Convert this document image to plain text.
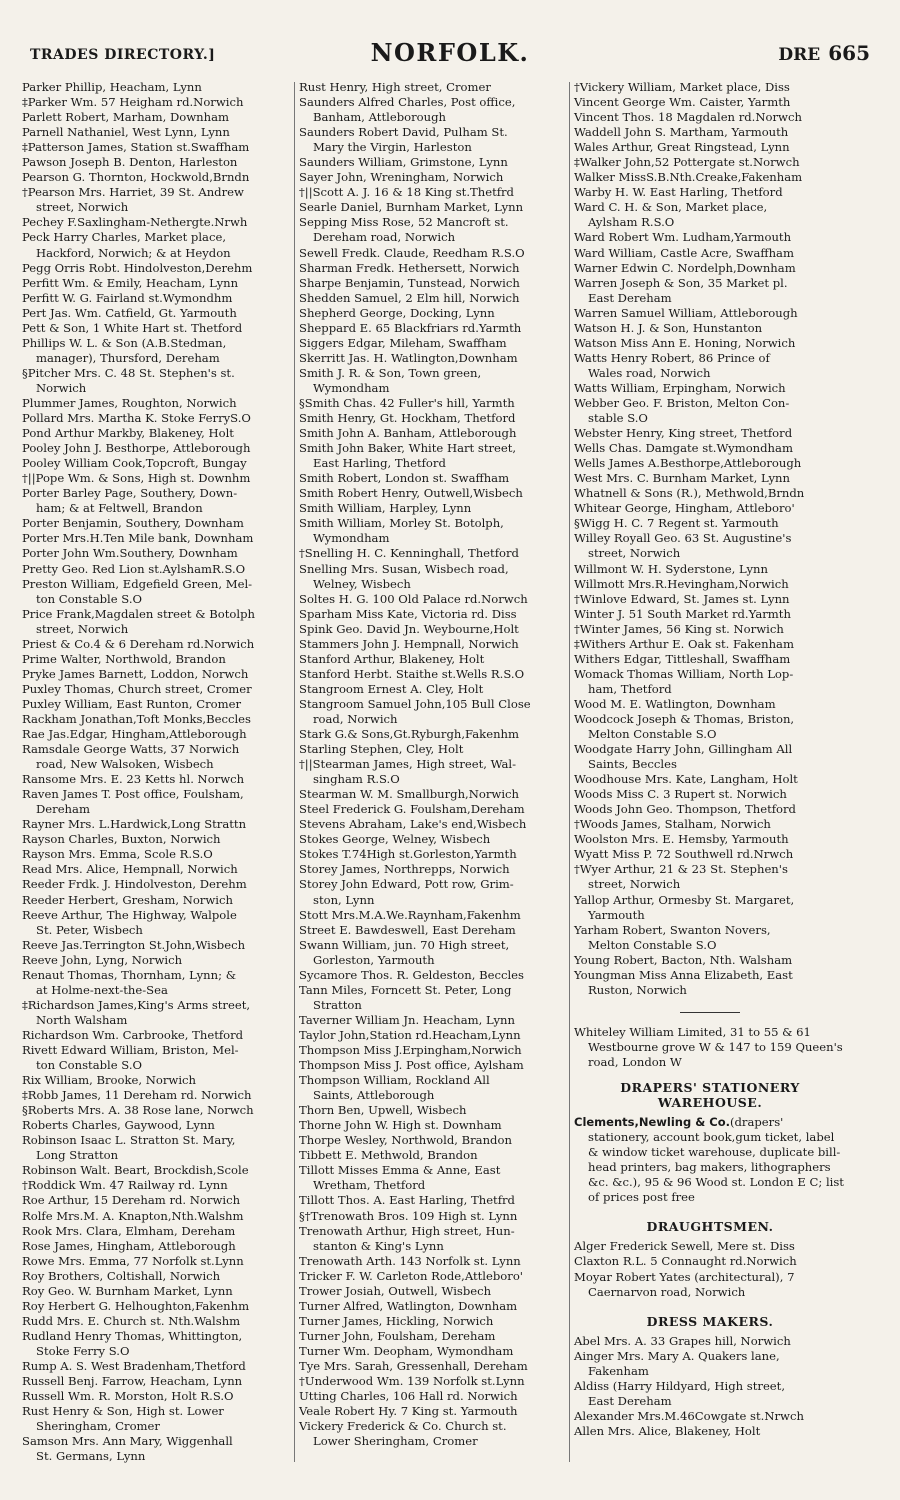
TRADES DIRECTORY.]	NORFOLK.	DRE 665
Parker Phillip, Heacham, Lynn
‡Parker Wm. 57 Heigham rd.Norwich
Parlett Robert, Marham, Downham
Parnell Nathaniel, West Lynn, Lynn
‡Patterson James, Station st.Swaffham
Pawson Joseph B. Denton, Harleston
Pearson G. Thornton, Hockwold,Brndn
†Pearson Mrs. Harriet, 39 St. Andrew
street, Norwich
Pechey F.Saxlingham-Nethergte.Nrwh
Peck Harry Charles, Market place,
Hackford, Norwich; & at Heydon
Pegg Orris Robt. Hindolveston,Derehm
Perfitt Wm. & Emily, Heacham, Lynn
Perfitt W. G. Fairland st.Wymondhm
Pert Jas. Wm. Catfield, Gt. Yarmouth
Pett & Son, 1 White Hart st. Thetford
Phillips W. L. & Son (A.B.Stedman,
manager), Thursford, Dereham
§Pitcher Mrs. C. 48 St. Stephen's st.
Norwich
Plummer James, Roughton, Norwich
Pollard Mrs. Martha K. Stoke FerryS.O
Pond Arthur Markby, Blakeney, Holt
Pooley John J. Besthorpe, Attleborough
Pooley William Cook,Topcroft, Bungay
†||Pope Wm. & Sons, High st. Downhm
Porter Barley Page, Southery, Down-
ham; & at Feltwell, Brandon
Porter Benjamin, Southery, Downham
Porter Mrs.H.Ten Mile bank, Downham
Porter John Wm.Southery, Downham
Pretty Geo. Red Lion st.AylshamR.S.O
Preston William, Edgefield Green, Mel-
ton Constable S.O
Price Frank,Magdalen street & Botolph
street, Norwich
Priest & Co.4 & 6 Dereham rd.Norwich
Prime Walter, Northwold, Brandon
Pryke James Barnett, Loddon, Norwch
Puxley Thomas, Church street, Cromer
Puxley William, East Runton, Cromer
Rackham Jonathan,Toft Monks,Beccles
Rae Jas.Edgar, Hingham,Attleborough
Ramsdale George Watts, 37 Norwich
road, New Walsoken, Wisbech
Ransome Mrs. E. 23 Ketts hl. Norwch
Raven James T. Post office, Foulsham,
Dereham
Rayner Mrs. L.Hardwick,Long Strattn
Rayson Charles, Buxton, Norwich
Rayson Mrs. Emma, Scole R.S.O
Read Mrs. Alice, Hempnall, Norwich
Reeder Frdk. J. Hindolveston, Derehm
Reeder Herbert, Gresham, Norwich
Reeve Arthur, The Highway, Walpole
St. Peter, Wisbech
Reeve Jas.Terrington St.John,Wisbech
Reeve John, Lyng, Norwich
Renaut Thomas, Thornham, Lynn; &
at Holme-next-the-Sea
‡Richardson James,King's Arms street,
North Walsham
Richardson Wm. Carbrooke, Thetford
Rivett Edward William, Briston, Mel-
ton Constable S.O
Rix William, Brooke, Norwich
‡Robb James, 11 Dereham rd. Norwich
§Roberts Mrs. A. 38 Rose lane, Norwch
Roberts Charles, Gaywood, Lynn
Robinson Isaac L. Stratton St. Mary,
Long Stratton
Robinson Walt. Beart, Brockdish,Scole
†Roddick Wm. 47 Railway rd. Lynn
Roe Arthur, 15 Dereham rd. Norwich
Rolfe Mrs.M. A. Knapton,Nth.Walshm
Rook Mrs. Clara, Elmham, Dereham
Rose James, Hingham, Attleborough
Rowe Mrs. Emma, 77 Norfolk st.Lynn
Roy Brothers, Coltishall, Norwich
Roy Geo. W. Burnham Market, Lynn
Roy Herbert G. Helhoughton,Fakenhm
Rudd Mrs. E. Church st. Nth.Walshm
Rudland Henry Thomas, Whittington,
Stoke Ferry S.O
Rump A. S. West Bradenham,Thetford
Russell Benj. Farrow, Heacham, Lynn
Russell Wm. R. Morston, Holt R.S.O
Rust Henry & Son, High st. Lower
Sheringham, Cromer
Samson Mrs. Ann Mary, Wiggenhall
St. Germans, Lynn
Rust Henry, High street, Cromer
Saunders Alfred Charles, Post office,
Banham, Attleborough
Saunders Robert David, Pulham St.
Mary the Virgin, Harleston
Saunders William, Grimstone, Lynn
Sayer John, Wreningham, Norwich
†||Scott A. J. 16 & 18 King st.Thetfrd
Searle Daniel, Burnham Market, Lynn
Sepping Miss Rose, 52 Mancroft st.
Dereham road, Norwich
Sewell Fredk. Claude, Reedham R.S.O
Sharman Fredk. Hethersett, Norwich
Sharpe Benjamin, Tunstead, Norwich
Shedden Samuel, 2 Elm hill, Norwich
Shepherd George, Docking, Lynn
Sheppard E. 65 Blackfriars rd.Yarmth
Siggers Edgar, Mileham, Swaffham
Skerritt Jas. H. Watlington,Downham
Smith J. R. & Son, Town green,
Wymondham
§Smith Chas. 42 Fuller's hill, Yarmth
Smith Henry, Gt. Hockham, Thetford
Smith John A. Banham, Attleborough
Smith John Baker, White Hart street,
East Harling, Thetford
Smith Robert, London st. Swaffham
Smith Robert Henry, Outwell,Wisbech
Smith William, Harpley, Lynn
Smith William, Morley St. Botolph,
Wymondham
†Snelling H. C. Kenninghall, Thetford
Snelling Mrs. Susan, Wisbech road,
Welney, Wisbech
Soltes H. G. 100 Old Palace rd.Norwch
Sparham Miss Kate, Victoria rd. Diss
Spink Geo. David Jn. Weybourne,Holt
Stammers John J. Hempnall, Norwich
Stanford Arthur, Blakeney, Holt
Stanford Herbt. Staithe st.Wells R.S.O
Stangroom Ernest A. Cley, Holt
Stangroom Samuel John,105 Bull Close
road, Norwich
Stark G.& Sons,Gt.Ryburgh,Fakenhm
Starling Stephen, Cley, Holt
†||Stearman James, High street, Wal-
singham R.S.O
Stearman W. M. Smallburgh,Norwich
Steel Frederick G. Foulsham,Dereham
Stevens Abraham, Lake's end,Wisbech
Stokes George, Welney, Wisbech
Stokes T.74High st.Gorleston,Yarmth
Storey James, Northrepps, Norwich
Storey John Edward, Pott row, Grim-
ston, Lynn
Stott Mrs.M.A.We.Raynham,Fakenhm
Street E. Bawdeswell, East Dereham
Swann William, jun. 70 High street,
Gorleston, Yarmouth
Sycamore Thos. R. Geldeston, Beccles
Tann Miles, Forncett St. Peter, Long
Stratton
Taverner William Jn. Heacham, Lynn
Taylor John,Station rd.Heacham,Lynn
Thompson Miss J.Erpingham,Norwich
Thompson Miss J. Post office, Aylsham
Thompson William, Rockland All
Saints, Attleborough
Thorn Ben, Upwell, Wisbech
Thorne John W. High st. Downham
Thorpe Wesley, Northwold, Brandon
Tibbett E. Methwold, Brandon
Tillott Misses Emma & Anne, East
Wretham, Thetford
Tillott Thos. A. East Harling, Thetfrd
§†Trenowath Bros. 109 High st. Lynn
Trenowath Arthur, High street, Hun-
stanton & King's Lynn
Trenowath Arth. 143 Norfolk st. Lynn
Tricker F. W. Carleton Rode,Attleboro'
Trower Josiah, Outwell, Wisbech
Turner Alfred, Watlington, Downham
Turner James, Hickling, Norwich
Turner John, Foulsham, Dereham
Turner Wm. Deopham, Wymondham
Tye Mrs. Sarah, Gressenhall, Dereham
†Underwood Wm. 139 Norfolk st.Lynn
Utting Charles, 106 Hall rd. Norwich
Veale Robert Hy. 7 King st. Yarmouth
Vickery Frederick & Co. Church st.
Lower Sheringham, Cromer
†Vickery William, Market place, Diss
Vincent George Wm. Caister, Yarmth
Vincent Thos. 18 Magdalen rd.Norwch
Waddell John S. Martham, Yarmouth
Wales Arthur, Great Ringstead, Lynn
‡Walker John,52 Pottergate st.Norwch
Walker MissS.B.Nth.Creake,Fakenham
Warby H. W. East Harling, Thetford
Ward C. H. & Son, Market place,
Aylsham R.S.O
Ward Robert Wm. Ludham,Yarmouth
Ward William, Castle Acre, Swaffham
Warner Edwin C. Nordelph,Downham
Warren Joseph & Son, 35 Market pl.
East Dereham
Warren Samuel William, Attleborough
Watson H. J. & Son, Hunstanton
Watson Miss Ann E. Honing, Norwich
Watts Henry Robert, 86 Prince of
Wales road, Norwich
Watts William, Erpingham, Norwich
Webber Geo. F. Briston, Melton Con-
stable S.O
Webster Henry, King street, Thetford
Wells Chas. Damgate st.Wymondham
Wells James A.Besthorpe,Attleborough
West Mrs. C. Burnham Market, Lynn
Whatnell & Sons (R.), Methwold,Brndn
Whitear George, Hingham, Attleboro'
§Wigg H. C. 7 Regent st. Yarmouth
Willey Royall Geo. 63 St. Augustine's
street, Norwich
Willmont W. H. Syderstone, Lynn
Willmott Mrs.R.Hevingham,Norwich
†Winlove Edward, St. James st. Lynn
Winter J. 51 South Market rd.Yarmth
†Winter James, 56 King st. Norwich
‡Withers Arthur E. Oak st. Fakenham
Withers Edgar, Tittleshall, Swaffham
Womack Thomas William, North Lop-
ham, Thetford
Wood M. E. Watlington, Downham
Woodcock Joseph & Thomas, Briston,
Melton Constable S.O
Woodgate Harry John, Gillingham All
Saints, Beccles
Woodhouse Mrs. Kate, Langham, Holt
Woods Miss C. 3 Rupert st. Norwich
Woods John Geo. Thompson, Thetford
†Woods James, Stalham, Norwich
Woolston Mrs. E. Hemsby, Yarmouth
Wyatt Miss P. 72 Southwell rd.Nrwch
†Wyer Arthur, 21 & 23 St. Stephen's
street, Norwich
Yallop Arthur, Ormesby St. Margaret,
Yarmouth
Yarham Robert, Swanton Novers,
Melton Constable S.O
Young Robert, Bacton, Nth. Walsham
Youngman Miss Anna Elizabeth, East
Ruston, Norwich
Whiteley William Limited, 31 to 55 & 61 Westbourne grove W & 147 to 159 Queen's road, London W
DRAPERS' STATIONERY
WAREHOUSE.
Clements,Newling & Co.(drapers' stationery, account book,gum ticket, label & window ticket warehouse, duplicate bill-head printers, bag makers, lithographers &c. &c.), 95 & 96 Wood st. London E C; list of prices post free
DRAUGHTSMEN.
Alger Frederick Sewell, Mere st. Diss
Claxton R.L. 5 Connaught rd.Norwich
Moyar Robert Yates (architectural), 7
Caernarvon road, Norwich
DRESS MAKERS.
Abel Mrs. A. 33 Grapes hill, Norwich
Ainger Mrs. Mary A. Quakers lane,
Fakenham
Aldiss (Harry Hildyard, High street,
East Dereham
Alexander Mrs.M.46Cowgate st.Nrwch
Allen Mrs. Alice, Blakeney, Holt
